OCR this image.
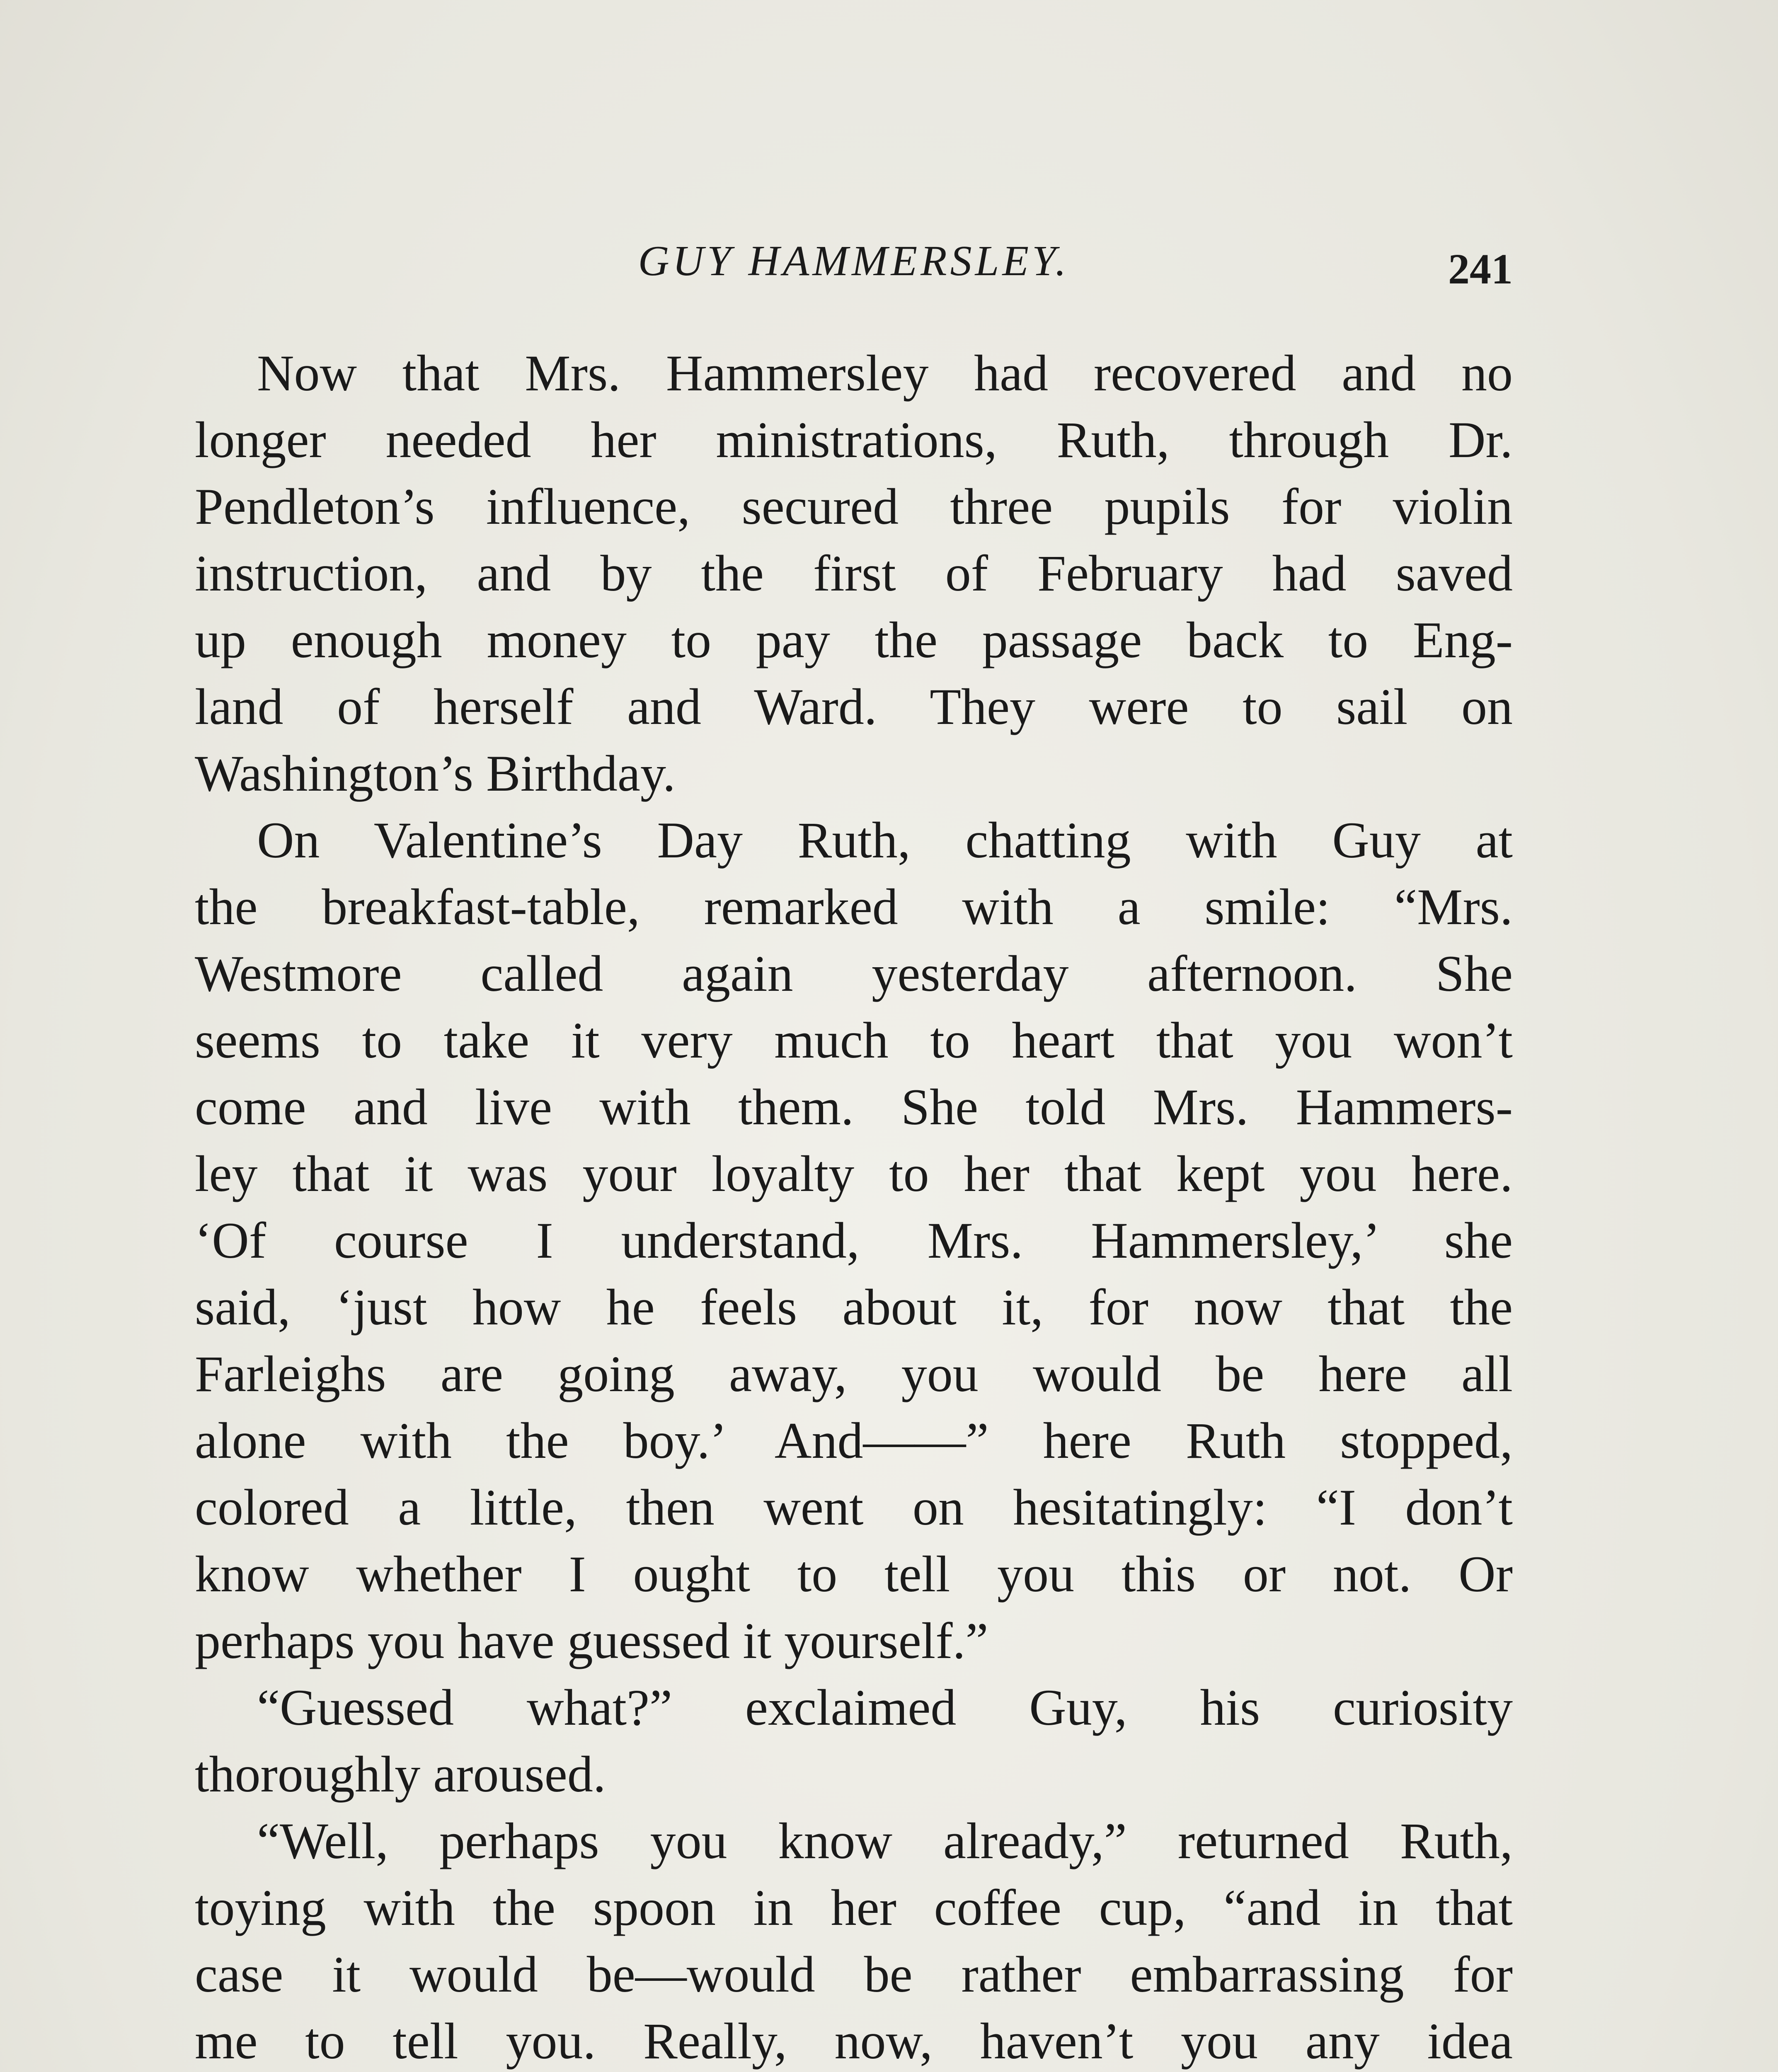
GUY HAMMERSLEY.	241
Now that Mrs. Hammersley had recovered and no
longer needed her ministrations, Ruth, through Dr.
Pendleton’s influence, secured three pupils for violin
instruction, and by the first of February had saved
up enough money to pay the passage back to Eng-
land of herself and Ward. They were to sail on
Washington’s Birthday.
On Valentine’s Day Ruth, chatting with Guy at
the breakfast-table, remarked with a smile: “Mrs.
Westmore called again yesterday afternoon. She
seems to take it very much to heart that you won’t
come and live with them. She told Mrs. Hammers-
ley that it was your loyalty to her that kept you here.
‘Of course I understand, Mrs. Hammersley,’ she
said, ‘just how he feels about it, for now that the
Farleighs are going away, you would be here all
alone with the boy.’ And——” here Ruth stopped,
colored a little, then went on hesitatingly: “I don’t
know whether I ought to tell you this or not. Or
perhaps you have guessed it yourself.”
“Guessed what?” exclaimed Guy, his curiosity
thoroughly aroused.
“Well, perhaps you know already,” returned Ruth,
toying with the spoon in her coffee cup, “and in that
case it would be—would be rather embarrassing for
me to tell you. Really, now, haven’t you any idea
